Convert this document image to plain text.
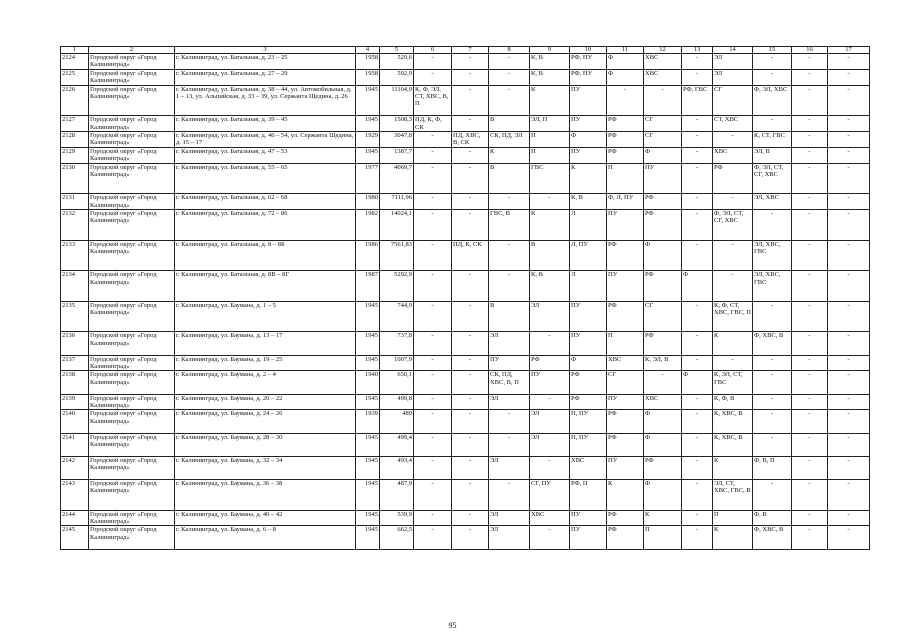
1	2	3	4	5	6	7	8	9	10	11	12	13	14	15	16	17
2124	Городской округ «Город Калининград»	г. Калининград, ул. Батальная, д. 23 – 25	1958	529,6	-	-	-	К, В	РФ, ПУ	Ф	ХВС	-	ЭЛ	-	-	-
2125	Городской округ «Город Калининград»	г. Калининград, ул. Батальная, д. 27 – 29	1958	592,9	-	-	-	К, В	РФ, ПУ	Ф	ХВС	-	ЭЛ	-	-	-
2126	Городской округ «Город Калининград»	г. Калининград, ул. Батальная, д. 38 – 44, ул. Автомобильная, д. 1 – 13, ул. Альпийская, д. 33 – 39, ул. Сержанта Щедина, д. 26	1945	11104,9	К, Ф, ЭЛ, СТ, ХВС, В, П	-	-	К	ПУ	-	-	РФ, ГВС	СГ	Ф, ЭЛ, ХВС	-	-
2127	Городской округ «Город Калининград»	г. Калининград, ул. Батальная, д. 39 – 45	1945	1508,3	ПД, К, Ф, СК	-	В	ЭЛ, П	ПУ	РФ	СГ	-	СТ, ХВС	-	-	-
2128	Городской округ «Город Калининград»	г. Калининград, ул. Батальная, д. 46 – 54, ул. Сержанта Щедина, д. 15 – 17	1929	3047,8	-	ПД, ХВС, В, СК	СК, ПД, ЭЛ	П	Ф	РФ	СГ	-	-	К, СТ, ГВС	-	-
2129	Городской округ «Город Калининград»	г. Калининград, ул. Батальная, д. 47 – 53	1945	1387,7	-	-	К	П	ПУ	РФ	Ф	-	ХВС	ЭЛ, В	-	-
2130	Городской округ «Город Калининград»	г. Калининград, ул. Батальная, д. 55 – 65	1977	4069,7	-	-	В	ГВС	К	П	ПУ	-	РФ	Ф, ЭЛ, СТ, СГ, ХВС	-	-
2131	Городской округ «Город Калининград»	г. Калининград, ул. Батальная, д. 62 – 68	1980	7111,96	-	-	-	-	К, В	Ф, Л, ПУ	РФ	-	-	ЭЛ, ХВС	-	-
2132	Городской округ «Город Калининград»	г. Калининград, ул. Батальная, д. 72 – 86	1982	14024,1	-	-	ГВС, В	К	Л	ПУ	РФ	-	Ф, ЭЛ, СТ, СГ, ХВС	-	-	-
2133	Городской округ «Город Калининград»	г. Калининград, ул. Батальная, д. 8 – 8Б	1986	7561,83	-	ПД, К, СК	-	В	Л, ПУ	РФ	Ф	-	-	ЭЛ, ХВС, ГВС	-	-
2134	Городской округ «Город Калининград»	г. Калининград, ул. Батальная, д. 8В – 8Г	1987	5292,9	-	-	-	К, В	Л	ПУ	РФ	Ф	-	ЭЛ, ХВС, ГВС	-	-
2135	Городской округ «Город Калининград»	г. Калининград, ул. Баумана, д. 1 – 5	1945	744,9	-	-	В	ЭЛ	ПУ	РФ	СГ	-	К, Ф, СТ, ХВС, ГВС, П	-	-	-
2136	Городской округ «Город Калининград»	г. Калининград, ул. Баумана, д. 13 – 17	1945	737,8	-	-	ЭЛ	-	ПУ	П	РФ	-	К	Ф, ХВС, В	-	-
2137	Городской округ «Город Калининград»	г. Калининград, ул. Баумана, д. 19 – 25	1945	1007,9	-	-	ПУ	РФ	Ф	ХВС	К, ЭЛ, В	-	-	-	-	-
2138	Городской округ «Город Калининград»	г. Калининград, ул. Баумана, д. 2 – 4	1940	650,1	-	-	СК, ПД, ХВС, В, П	ПУ	РФ	СГ	-	Ф	К, ЭЛ, СТ, ГВС	-	-	-
2139	Городской округ «Город Калининград»	г. Калининград, ул. Баумана, д. 20 – 22	1945	499,8	-	-	ЭЛ	-	РФ	ПУ	ХВС	-	К, Ф, В	-	-	-
2140	Городской округ «Город Калининград»	г. Калининград, ул. Баумана, д. 24 – 26	1939	489	-	-	-	ЭЛ	П, ПУ	РФ	Ф	-	К, ХВС, В	-	-	-
2141	Городской округ «Город Калининград»	г. Калининград, ул. Баумана, д. 28 – 30	1945	499,4	-	-	-	ЭЛ	П, ПУ	РФ	Ф	-	К, ХВС, В	-	-	-
2142	Городской округ «Город Калининград»	г. Калининград, ул. Баумана, д. 32 – 34	1945	493,4	-	-	ЭЛ	-	ХВС	ПУ	РФ	-	К	Ф, В, П	-	-
2143	Городской округ «Город Калининград»	г. Калининград, ул. Баумана, д. 36 – 38	1945	487,9	-	-	-	СГ, ПУ	РФ, П	К	Ф	-	ЭЛ, СТ, ХВС, ГВС, В	-	-	-
2144	Городской округ «Город Калининград»	г. Калининград, ул. Баумана, д. 40 – 42	1945	539,9	-	-	ЭЛ	ХВС	ПУ	РФ	К	-	П	Ф, В	-	-
2145	Городской округ «Город Калининград»	г. Калининград, ул. Баумана, д. 6 – 8	1945	662,5	-	-	ЭЛ	-	ПУ	РФ	П	-	К	Ф, ХВС, В	-	-
95
